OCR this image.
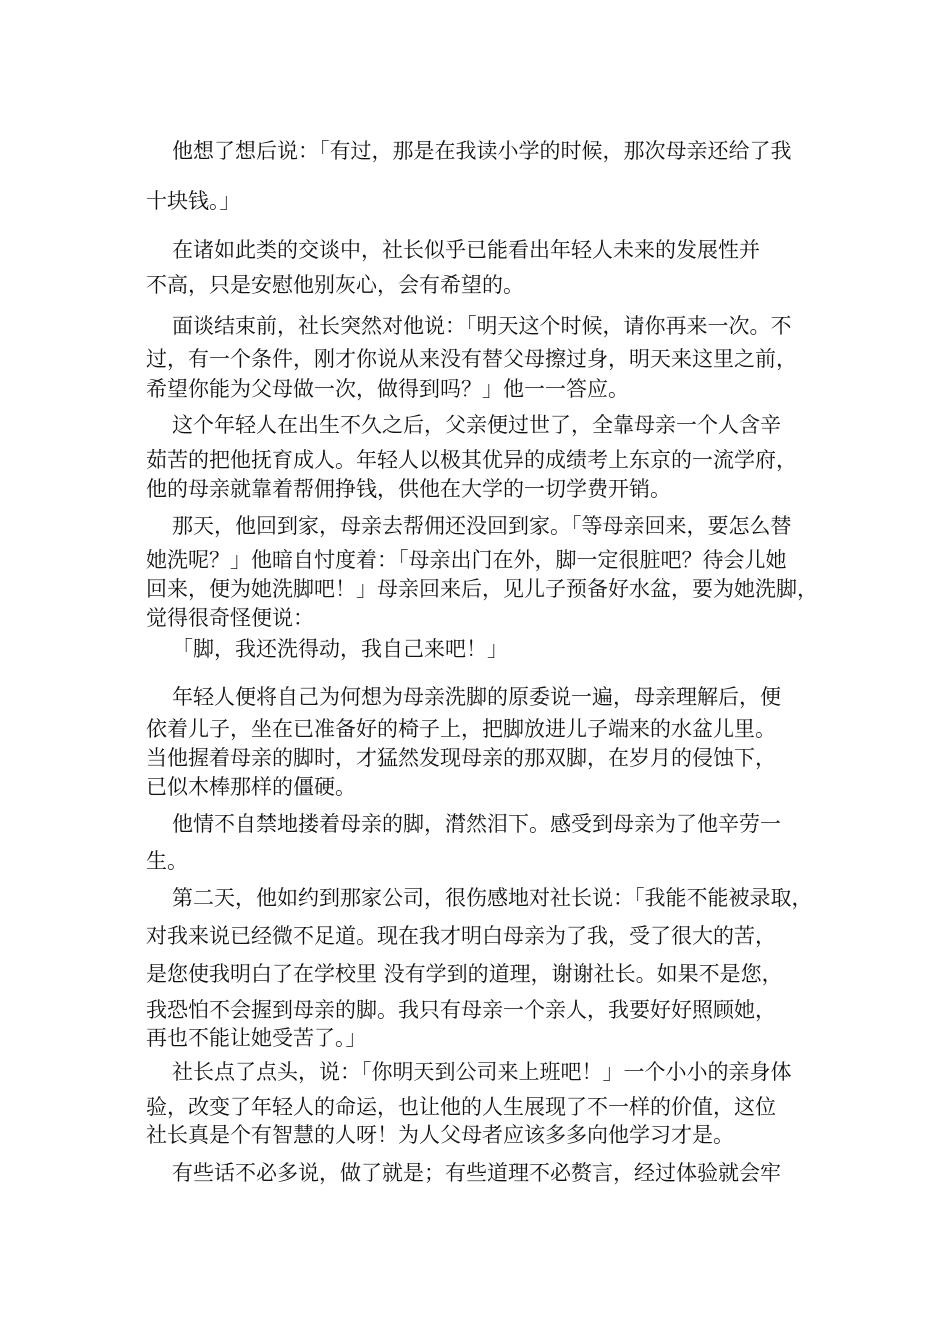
他想了想后说：「有过，那是在我读小学的时候，那次母亲还给了我
十块钱。」
在诸如此类的交谈中，社长似乎已能看出年轻人未来的发展性并
不高，只是安慰他别灰心，会有希望的。
面谈结束前，社长突然对他说：「明天这个时候，请你再来一次。不
过，有一个条件，刚才你说从来没有替父母擦过身，明天来这里之前，
希望你能为父母做一次，做得到吗？」他一一答应。
这个年轻人在出生不久之后，父亲便过世了，全靠母亲一个人含辛
茹苦的把他抚育成人。年轻人以极其优异的成绩考上东京的一流学府，
他的母亲就靠着帮佣挣钱，供他在大学的一切学费开销。
那天，他回到家，母亲去帮佣还没回到家。「等母亲回来，要怎么替
她洗呢？」他暗自忖度着：「母亲出门在外，脚一定很脏吧？待会儿她
回来，便为她洗脚吧！」母亲回来后，见儿子预备好水盆，要为她洗脚，
觉得很奇怪便说：
「脚，我还洗得动，我自己来吧！」
年轻人便将自己为何想为母亲洗脚的原委说一遍，母亲理解后，便
依着儿子，坐在已准备好的椅子上，把脚放进儿子端来的水盆儿里。
当他握着母亲的脚时，才猛然发现母亲的那双脚，在岁月的侵蚀下，
已似木棒那样的僵硬。
他情不自禁地搂着母亲的脚，潸然泪下。感受到母亲为了他辛劳一
生。
第二天，他如约到那家公司，很伤感地对社长说：「我能不能被录取，
对我来说已经微不足道。现在我才明白母亲为了我，受了很大的苦，
是您使我明白了在学校里 没有学到的道理，谢谢社长。如果不是您，
我恐怕不会握到母亲的脚。我只有母亲一个亲人，我要好好照顾她，
再也不能让她受苦了。」
社长点了点头，说：「你明天到公司来上班吧！」一个小小的亲身体
验，改变了年轻人的命运，也让他的人生展现了不一样的价值，这位
社长真是个有智慧的人呀！为人父母者应该多多向他学习才是。
有些话不必多说，做了就是；有些道理不必赘言，经过体验就会牢
